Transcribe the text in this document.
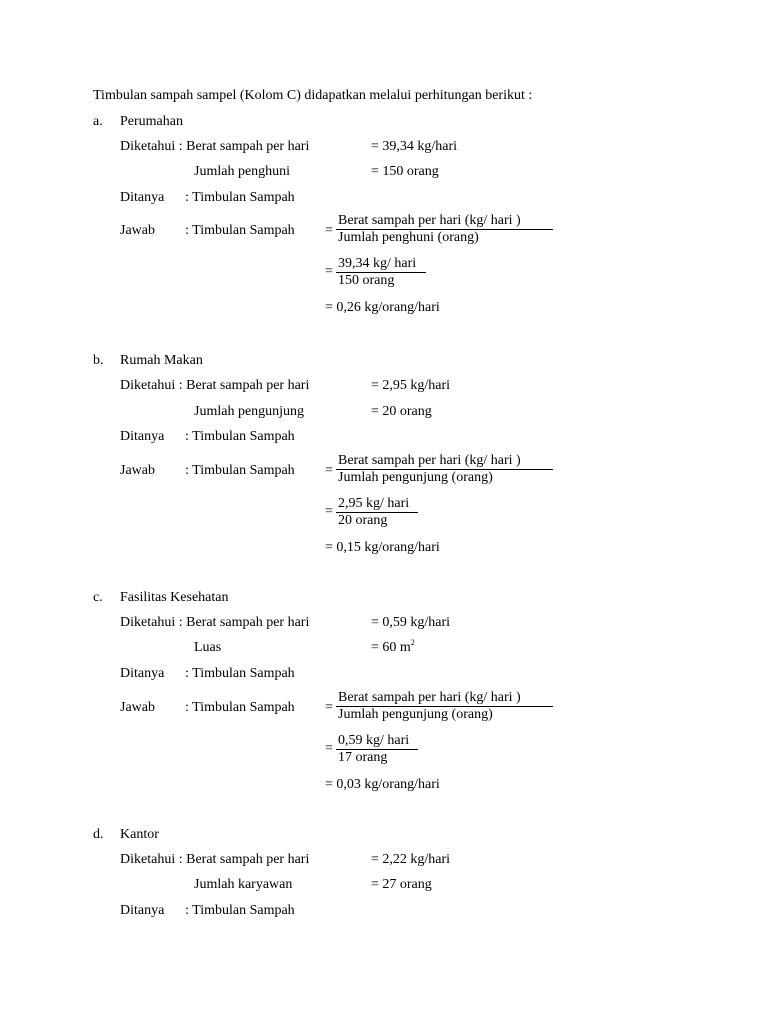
Timbulan sampah sampel (Kolom C) didapatkan melalui perhitungan berikut :
a. Perumahan
Diketahui : Berat sampah per hari	= 39,34 kg/hari
Jumlah penghuni	= 150 orang
Ditanya : Timbulan Sampah
Jawab : Timbulan Sampah =
Berat sampah per hari (kg/ hari )
Jumlah penghuni (orang)
=
39,34 kg/ hari
150 orang
= 0,26 kg/orang/hari
b. Rumah Makan
Diketahui : Berat sampah per hari	= 2,95 kg/hari
Jumlah pengunjung	= 20 orang
Ditanya : Timbulan Sampah
Jawab : Timbulan Sampah =
Berat sampah per hari (kg/ hari )
Jumlah pengunjung (orang)
=
2,95 kg/ hari
20 orang
= 0,15 kg/orang/hari
c. Fasilitas Kesehatan
Diketahui : Berat sampah per hari	= 0,59 kg/hari
Luas	= 60 $m^2$
Ditanya : Timbulan Sampah
Jawab : Timbulan Sampah =
Berat sampah per hari (kg/ hari )
Jumlah pengunjung (orang)
=
0,59 kg/ hari
17 orang
= 0,03 kg/orang/hari
d. Kantor
Diketahui : Berat sampah per hari	= 2,22 kg/hari
Jumlah karyawan	= 27 orang
Ditanya : Timbulan Sampah
